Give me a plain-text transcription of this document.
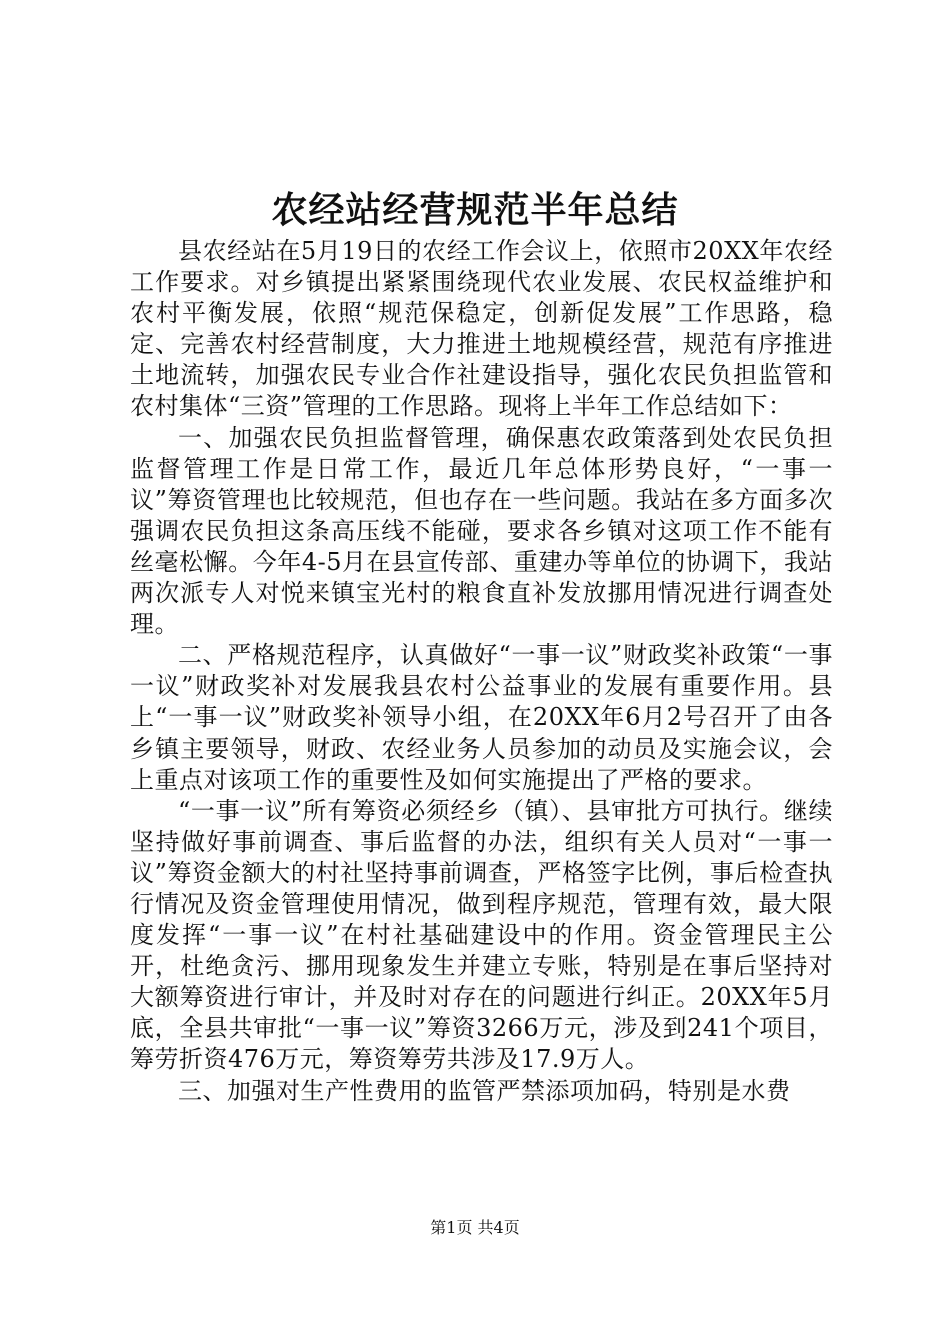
农经站经营规范半年总结

县农经站在5月19日的农经工作会议上，依照市20XX年农经工作要求。对乡镇提出紧紧围绕现代农业发展、农民权益维护和农村平衡发展，依照“规范保稳定，创新促发展”工作思路，稳定、完善农村经营制度，大力推进土地规模经营，规范有序推进土地流转，加强农民专业合作社建设指导，强化农民负担监管和农村集体“三资”管理的工作思路。现将上半年工作总结如下：

一、加强农民负担监督管理，确保惠农政策落到处农民负担监督管理工作是日常工作，最近几年总体形势良好，“一事一议”筹资管理也比较规范，但也存在一些问题。我站在多方面多次强调农民负担这条高压线不能碰，要求各乡镇对这项工作不能有丝毫松懈。今年4-5月在县宣传部、重建办等单位的协调下，我站两次派专人对悦来镇宝光村的粮食直补发放挪用情况进行调查处理。

二、严格规范程序，认真做好“一事一议”财政奖补政策“一事一议”财政奖补对发展我县农村公益事业的发展有重要作用。县上“一事一议”财政奖补领导小组，在20XX年6月2号召开了由各乡镇主要领导，财政、农经业务人员参加的动员及实施会议，会上重点对该项工作的重要性及如何实施提出了严格的要求。

“一事一议”所有筹资必须经乡（镇）、县审批方可执行。继续坚持做好事前调查、事后监督的办法，组织有关人员对“一事一议”筹资金额大的村社坚持事前调查，严格签字比例，事后检查执行情况及资金管理使用情况，做到程序规范，管理有效，最大限度发挥“一事一议”在村社基础建设中的作用。资金管理民主公开，杜绝贪污、挪用现象发生并建立专账，特别是在事后坚持对大额筹资进行审计，并及时对存在的问题进行纠正。20XX年5月底，全县共审批“一事一议”筹资3266万元，涉及到241个项目，筹劳折资476万元，筹资筹劳共涉及17.9万人。

三、加强对生产性费用的监管严禁添项加码，特别是水费

第1页 共4页
